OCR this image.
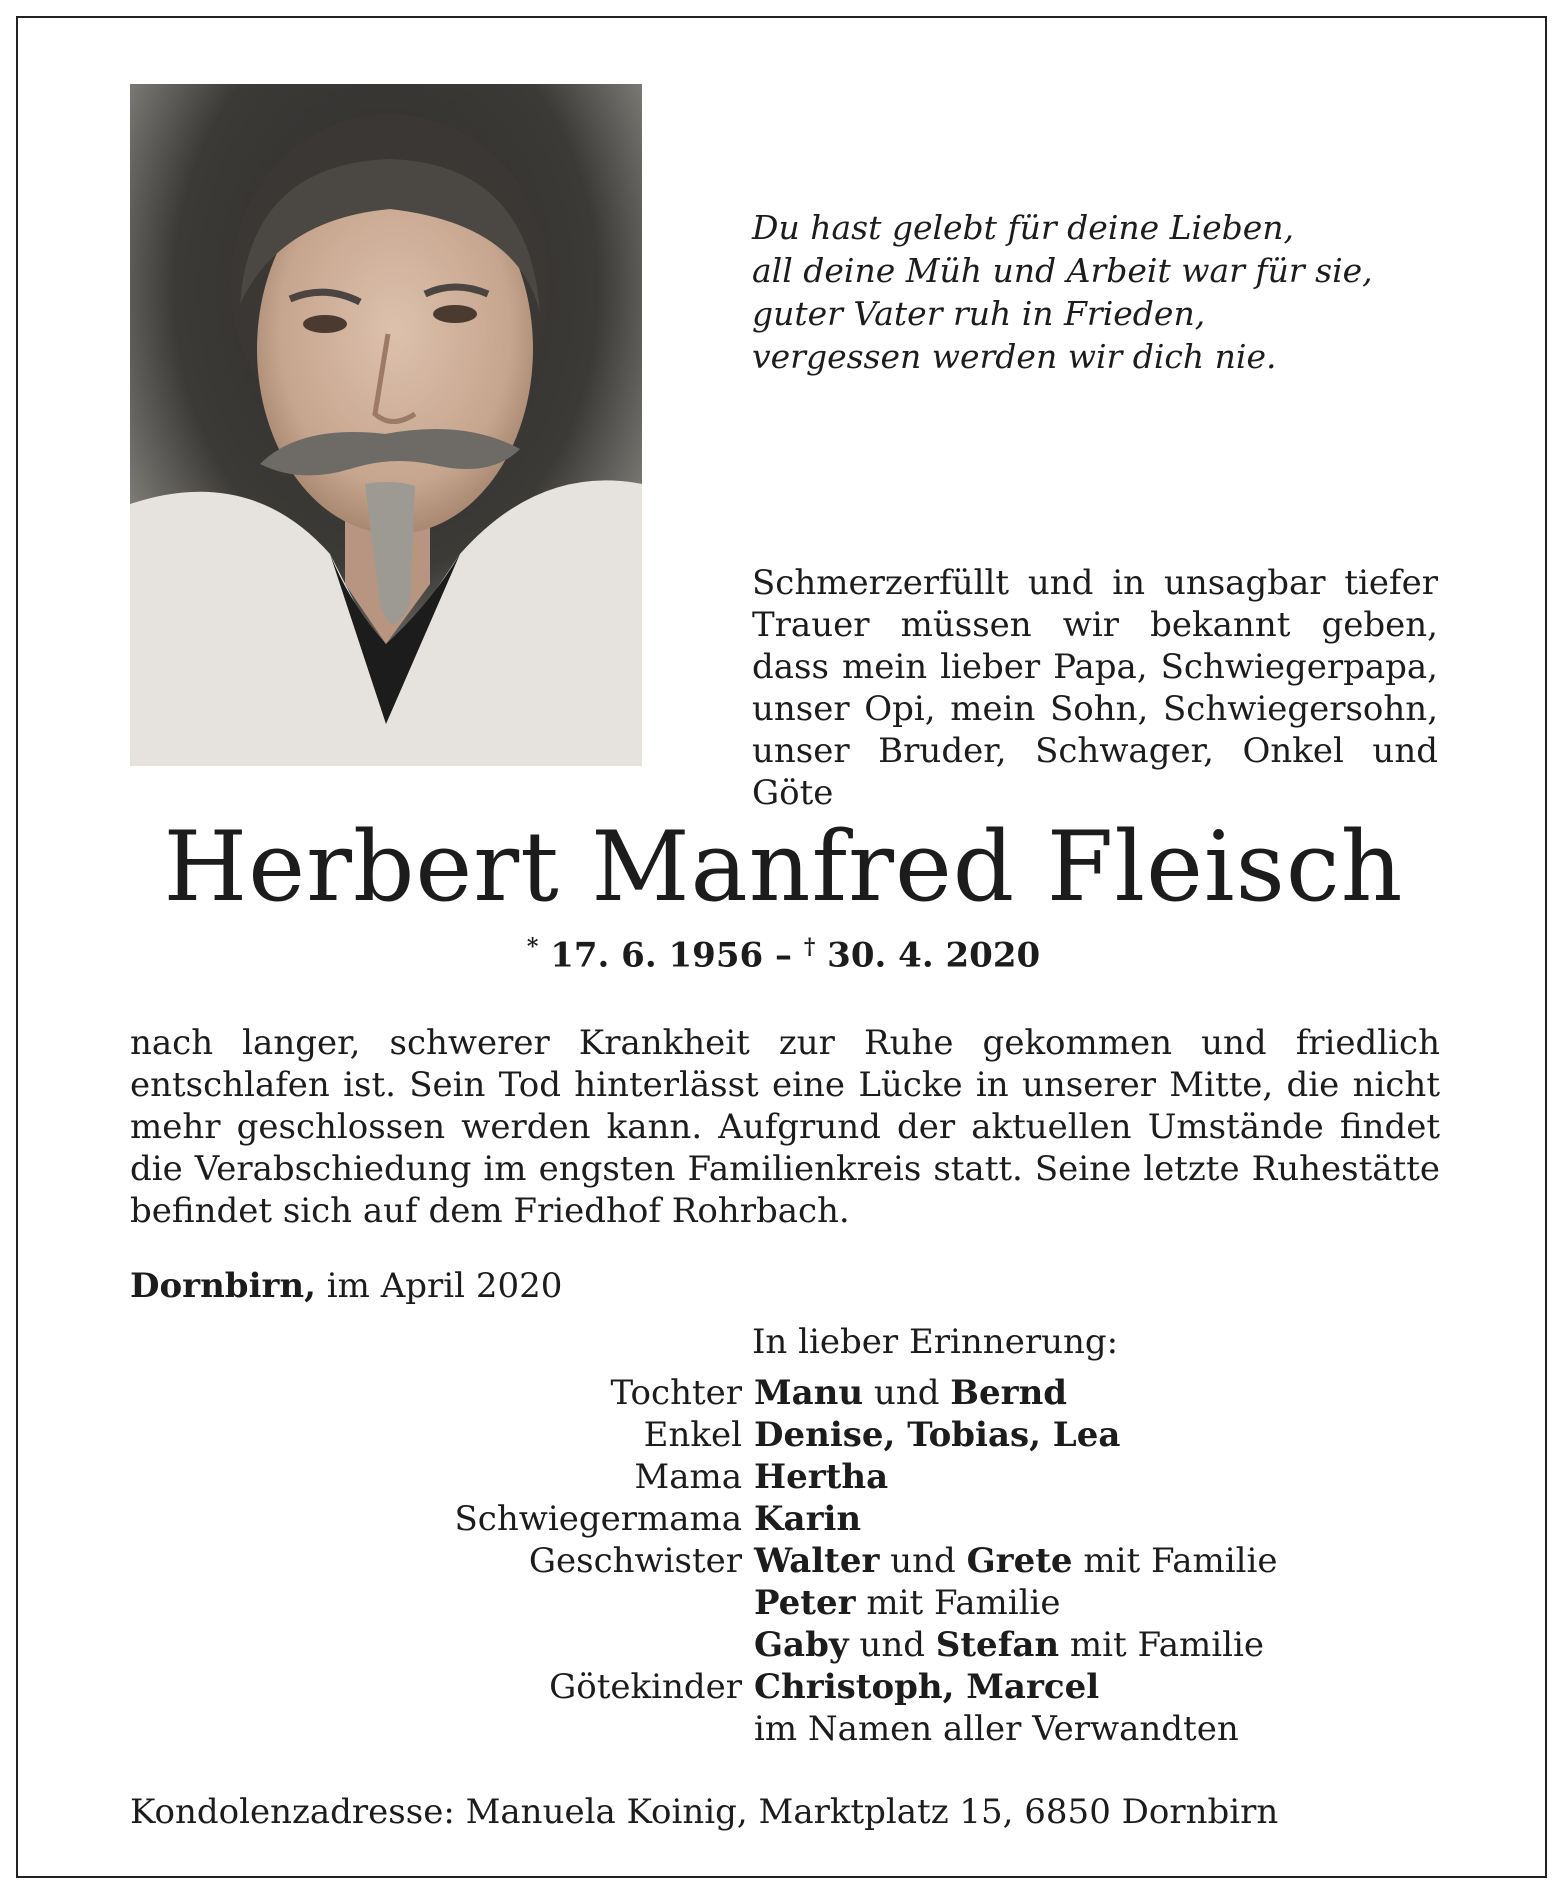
Du hast gelebt für deine Lieben,
all deine Müh und Arbeit war für sie,
guter Vater ruh in Frieden,
vergessen werden wir dich nie.
Schmerzerfüllt und in unsagbar tiefer Trauer müssen wir bekannt geben, dass mein lieber Papa, Schwiegerpapa, unser Opi, mein Sohn, Schwiegersohn, unser Bruder, Schwager, Onkel und Göte
Herbert Manfred Fleisch
* 17. 6. 1956 – † 30. 4. 2020
nach langer, schwerer Krankheit zur Ruhe gekommen und friedlich entschlafen ist. Sein Tod hinterlässt eine Lücke in unserer Mitte, die nicht mehr geschlossen werden kann. Aufgrund der aktuellen Umstände findet die Verabschiedung im engsten Familienkreis statt. Seine letzte Ruhestätte befindet sich auf dem Friedhof Rohrbach.
Dornbirn, im April 2020
In lieber Erinnerung:
Tochter Manu und Bernd
Enkel Denise, Tobias, Lea
Mama Hertha
Schwiegermama Karin
Geschwister Walter und Grete mit Familie
Peter mit Familie
Gaby und Stefan mit Familie
Götekinder Christoph, Marcel
im Namen aller Verwandten
Kondolenzadresse: Manuela Koinig, Marktplatz 15, 6850 Dornbirn
